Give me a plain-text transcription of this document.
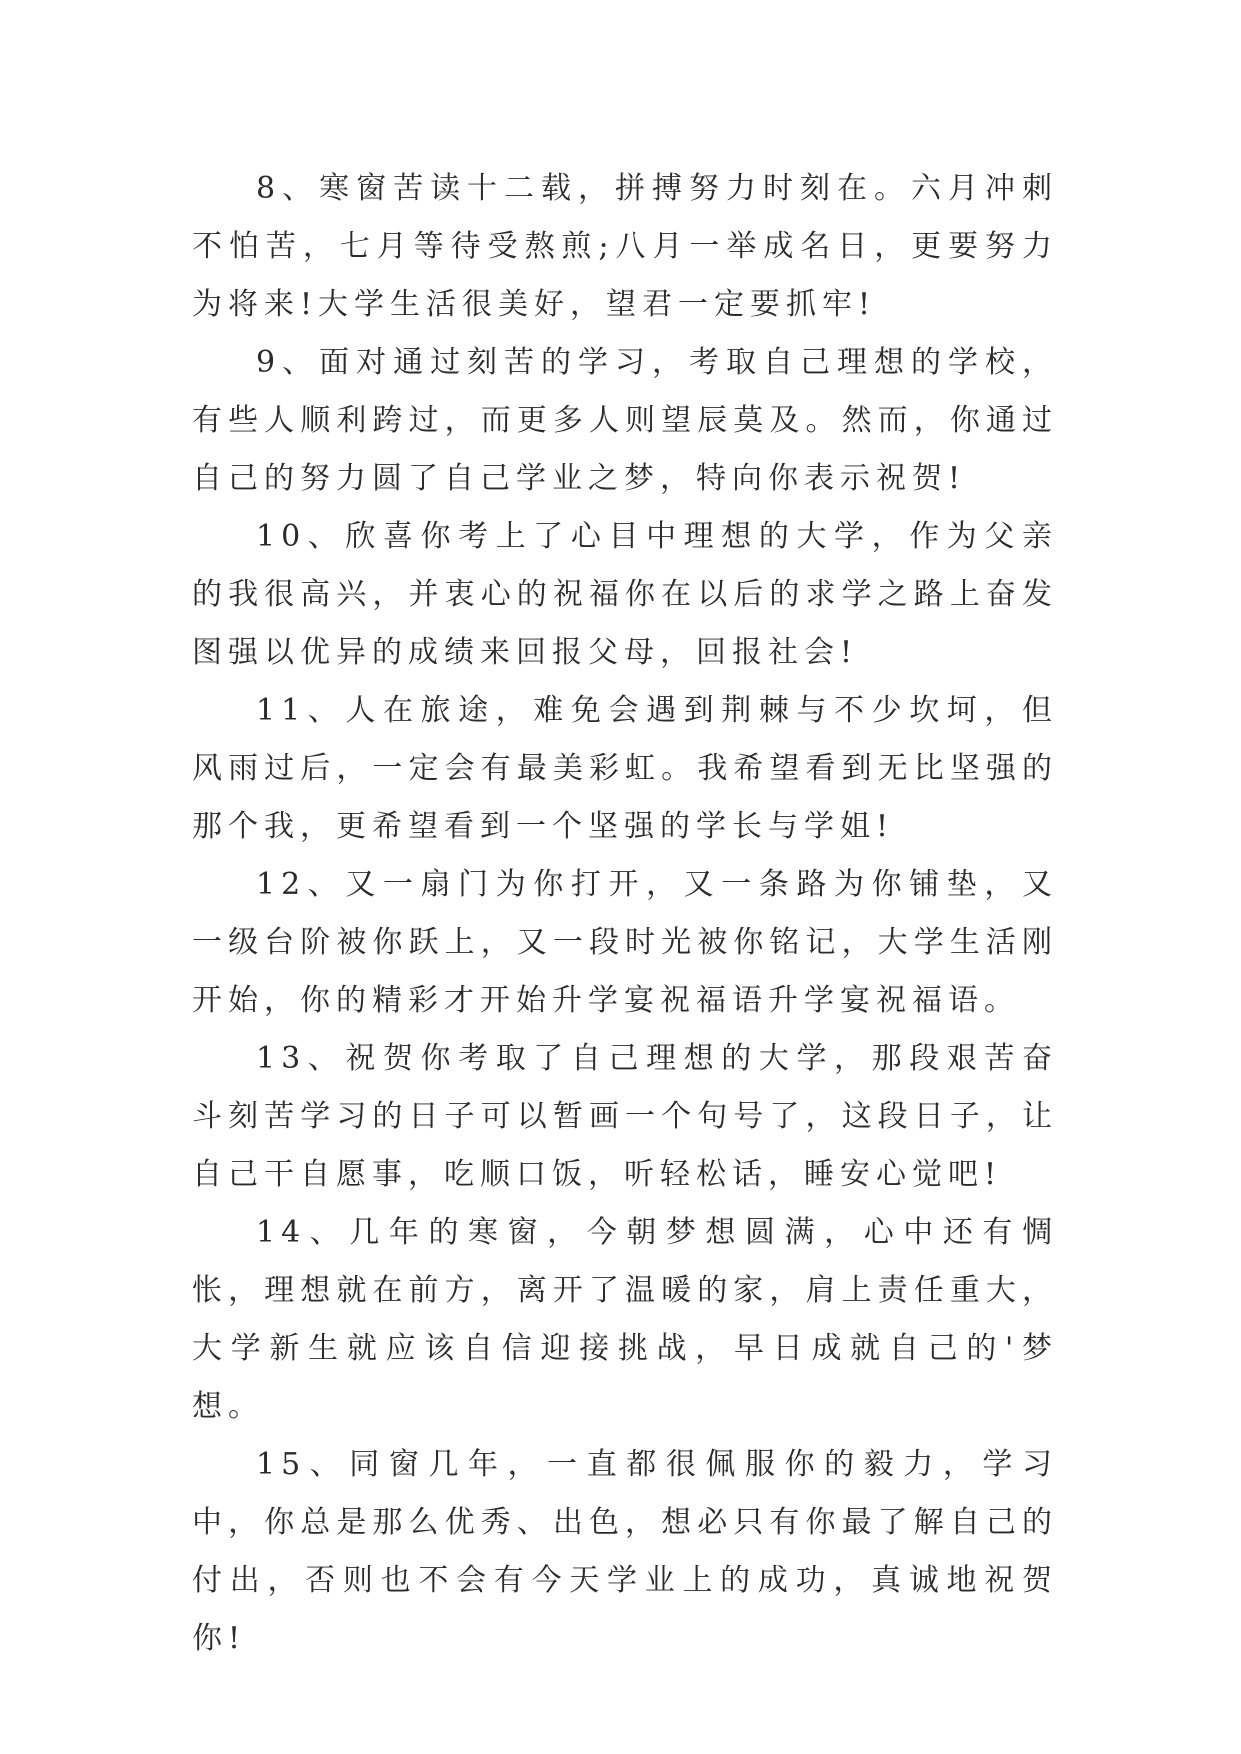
8、寒窗苦读十二载，拼搏努力时刻在。六月冲刺不怕苦，七月等待受熬煎;八月一举成名日，更要努力为将来!大学生活很美好，望君一定要抓牢!

9、面对通过刻苦的学习，考取自己理想的学校，有些人顺利跨过，而更多人则望辰莫及。然而，你通过自己的努力圆了自己学业之梦，特向你表示祝贺!

10、欣喜你考上了心目中理想的大学，作为父亲的我很高兴，并衷心的祝福你在以后的求学之路上奋发图强以优异的成绩来回报父母，回报社会!

11、人在旅途，难免会遇到荆棘与不少坎坷，但风雨过后，一定会有最美彩虹。我希望看到无比坚强的那个我，更希望看到一个坚强的学长与学姐!

12、又一扇门为你打开，又一条路为你铺垫，又一级台阶被你跃上，又一段时光被你铭记，大学生活刚开始，你的精彩才开始升学宴祝福语升学宴祝福语。

13、祝贺你考取了自己理想的大学，那段艰苦奋斗刻苦学习的日子可以暂画一个句号了，这段日子，让自己干自愿事，吃顺口饭，听轻松话，睡安心觉吧!

14、几年的寒窗，今朝梦想圆满，心中还有惆怅，理想就在前方，离开了温暖的家，肩上责任重大，大学新生就应该自信迎接挑战，早日成就自己的'梦想。

15、同窗几年，一直都很佩服你的毅力，学习中，你总是那么优秀、出色，想必只有你最了解自己的付出，否则也不会有今天学业上的成功，真诚地祝贺你!
